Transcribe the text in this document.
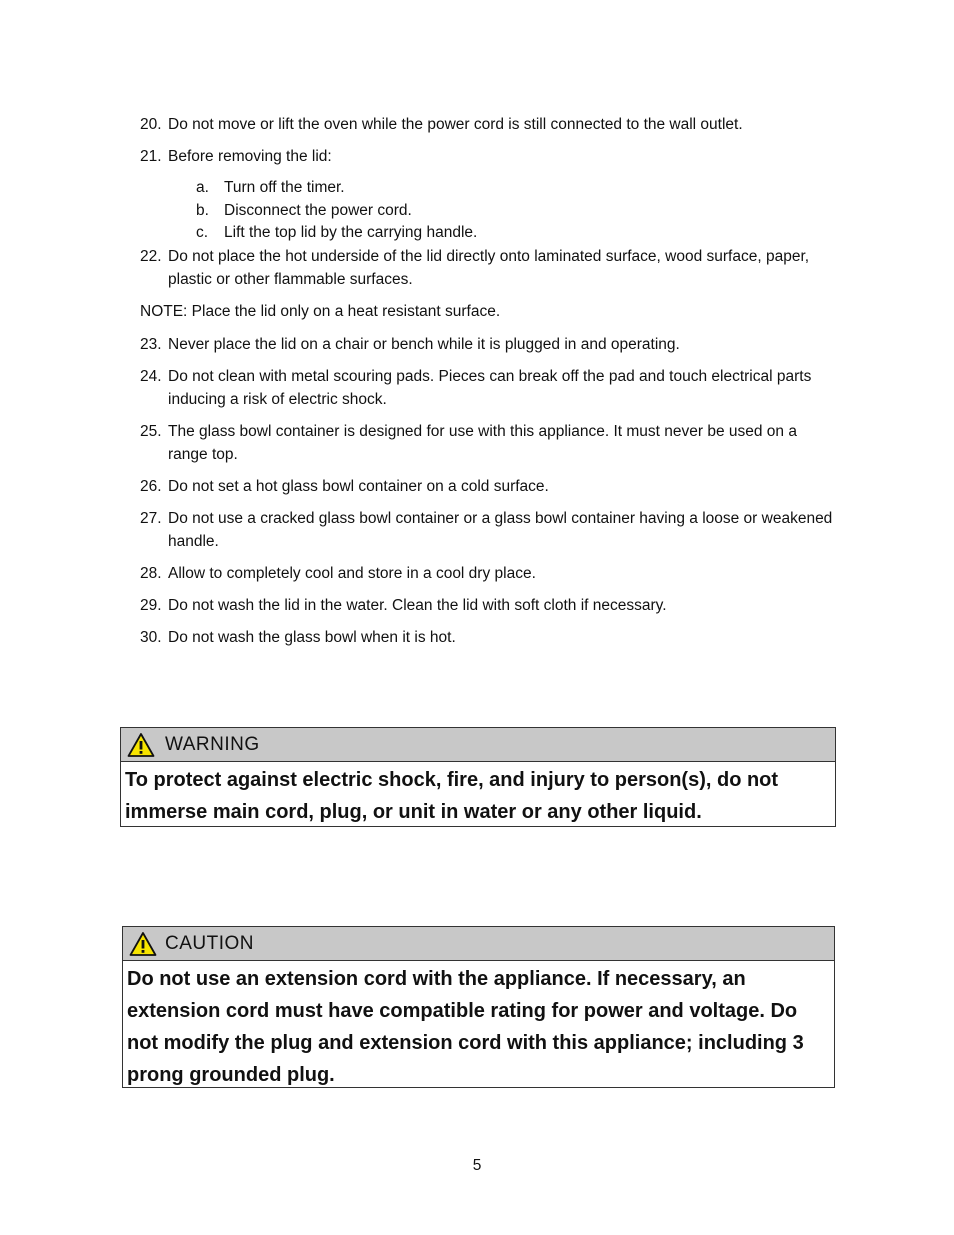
20. Do not move or lift the oven while the power cord is still connected to the wall outlet.
21. Before removing the lid:
a. Turn off the timer.
b. Disconnect the power cord.
c.	Lift the top lid by the carrying handle.
22. Do not place the hot underside of the lid directly onto laminated surface, wood surface, paper, plastic or other flammable surfaces.
NOTE: Place the lid only on a heat resistant surface.
23. Never place the lid on a chair or bench while it is plugged in and operating.
24. Do not clean with metal scouring pads. Pieces can break off the pad and touch electrical parts inducing a risk of electric shock.
25. The glass bowl container is designed for use with this appliance. It must never be used on a range top.
26. Do not set a hot glass bowl container on a cold surface.
27. Do not use a cracked glass bowl container or a glass bowl container having a loose or weakened handle.
28. Allow to completely cool and store in a cool dry place.
29. Do not wash the lid in the water. Clean the lid with soft cloth if necessary.
30. Do not wash the glass bowl when it is hot.
WARNING
To protect against electric shock, fire, and injury to person(s), do not immerse main cord, plug, or unit in water or any other liquid.
CAUTION
Do not use an extension cord with the appliance. If necessary, an extension cord must have compatible rating for power and voltage. Do not modify the plug and extension cord with this appliance; including 3 prong grounded plug.
5
